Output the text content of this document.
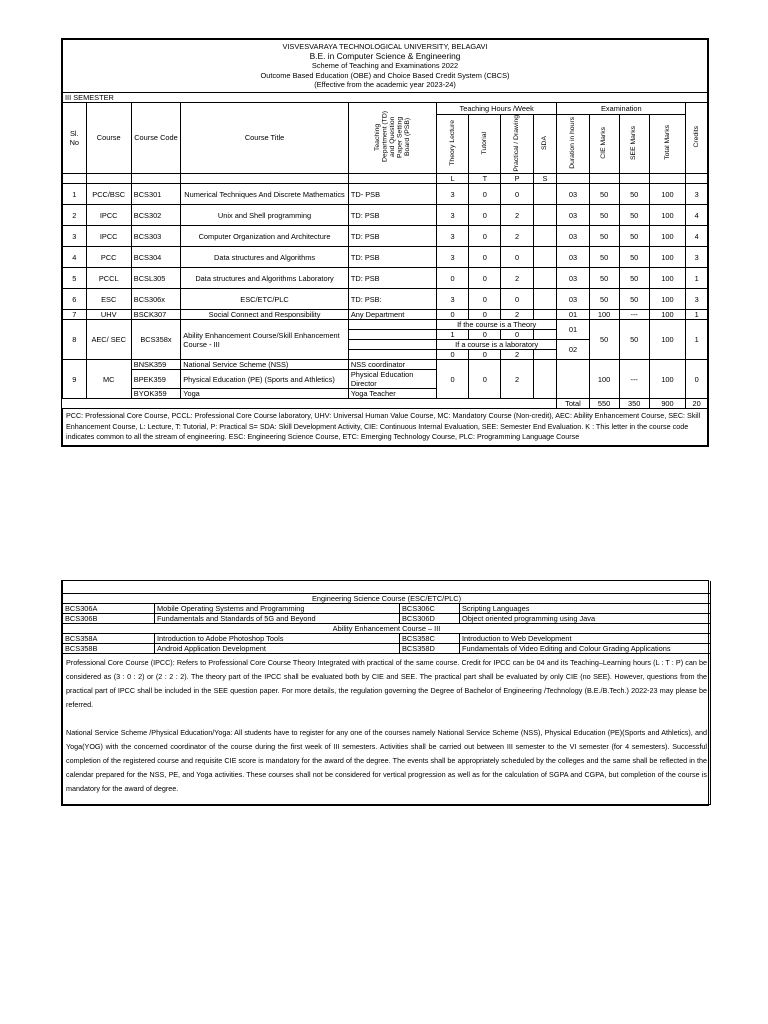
VISVESVARAYA TECHNOLOGICAL UNIVERSITY, BELAGAVI
B.E. in Computer Science & Engineering
Scheme of Teaching and Examinations 2022
Outcome Based Education (OBE) and Choice Based Credit System (CBCS)
(Effective from the academic year 2023-24)													

III SEMESTER													
Sl. No	Course	Course Code	Course Title	Teaching Department (TD) and Question Paper Setting Board (PSB)	Teaching Hours /Week				Examination				Credits
					Theory Lecture	Tutorial	Practical / Drawing	SDA	Duration in hours	CIE Marks	SEE Marks	Total Marks	
					L	T	P	S					
1	PCC/BSC	BCS301	Numerical Techniques And Discrete Mathematics	TD- PSB	3	0	0		03	50	50	100	3
2	IPCC	BCS302	Unix and Shell programming	TD: PSB	3	0	2		03	50	50	100	4
3	IPCC	BCS303	Computer Organization and Architecture	TD: PSB	3	0	2		03	50	50	100	4
4	PCC	BCS304	Data structures and Algorithms	TD: PSB	3	0	0		03	50	50	100	3
5	PCCL	BCSL305	Data structures and Algorithms Laboratory	TD: PSB	0	0	2		03	50	50	100	1
6	ESC	BCS306x	ESC/ETC/PLC	TD: PSB:	3	0	0		03	50	50	100	3
7	UHV	BSCK307	Social Connect and Responsibility	Any Department	0	0	2		01	100	---	100	1
8	AEC/ SEC	BCS358x	Ability Enhancement Course/Skill Enhancement Course - III		If the course is a Theory				01	50	50	100	1
					1	0	0						
					If a course is a laboratory				02				
					0	0	2						
9	MC	BNSK359	National Service Scheme (NSS)	NSS coordinator	0	0	2			100	---	100	0
		BPEK359	Physical Education (PE) (Sports and Athletics)	Physical Education Director									
		BYOK359	Yoga	Yoga Teacher									
									Total	550	350	900	20
PCC: Professional Core Course, PCCL: Professional Core Course laboratory, UHV: Universal Human Value Course, MC: Mandatory Course (Non-credit), AEC: Ability Enhancement Course, SEC: Skill Enhancement Course, L: Lecture, T: Tutorial, P: Practical S= SDA: Skill Development Activity, CIE: Continuous Internal Evaluation, SEE: Semester End Evaluation. K : This letter in the course code indicates common to all the stream of engineering. ESC: Engineering Science Course, ETC: Emerging Technology Course, PLC: Programming Language Course													

Engineering Science Course (ESC/ETC/PLC)			
BCS306A	Mobile Operating Systems and Programming	BCS306C	Scripting Languages
BCS306B	Fundamentals and Standards of 5G and Beyond	BCS306D	Object oriented programming using Java
Ability Enhancement Course – III			
BCS358A	Introduction to Adobe Photoshop Tools	BCS358C	Introduction to Web Development
BCS358B	Android Application Development	BCS358D	Fundamentals of Video Editing and Colour Grading Applications

Professional Core Course (IPCC): Refers to Professional Core Course Theory Integrated with practical of the same course. Credit for IPCC can be 04 and its Teaching–Learning hours (L : T : P) can be considered as (3 : 0 : 2) or (2 : 2 : 2). The theory part of the IPCC shall be evaluated both by CIE and SEE. The practical part shall be evaluated by only CIE (no SEE). However, questions from the practical part of IPCC shall be included in the SEE question paper. For more details, the regulation governing the Degree of Bachelor of Engineering /Technology (B.E./B.Tech.) 2022-23 may please be referred.
National Service Scheme /Physical Education/Yoga: All students have to register for any one of the courses namely National Service Scheme (NSS), Physical Education (PE)(Sports and Athletics), and Yoga(YOG) with the concerned coordinator of the course during the first week of III semesters. Activities shall be carried out between III semester to the VI semester (for 4 semesters). Successful completion of the registered course and requisite CIE score is mandatory for the award of the degree. The events shall be appropriately scheduled by the colleges and the same shall be reflected in the calendar prepared for the NSS, PE, and Yoga activities. These courses shall not be considered for vertical progression as well as for the calculation of SGPA and CGPA, but completion of the course is mandatory for the award of degree.			
